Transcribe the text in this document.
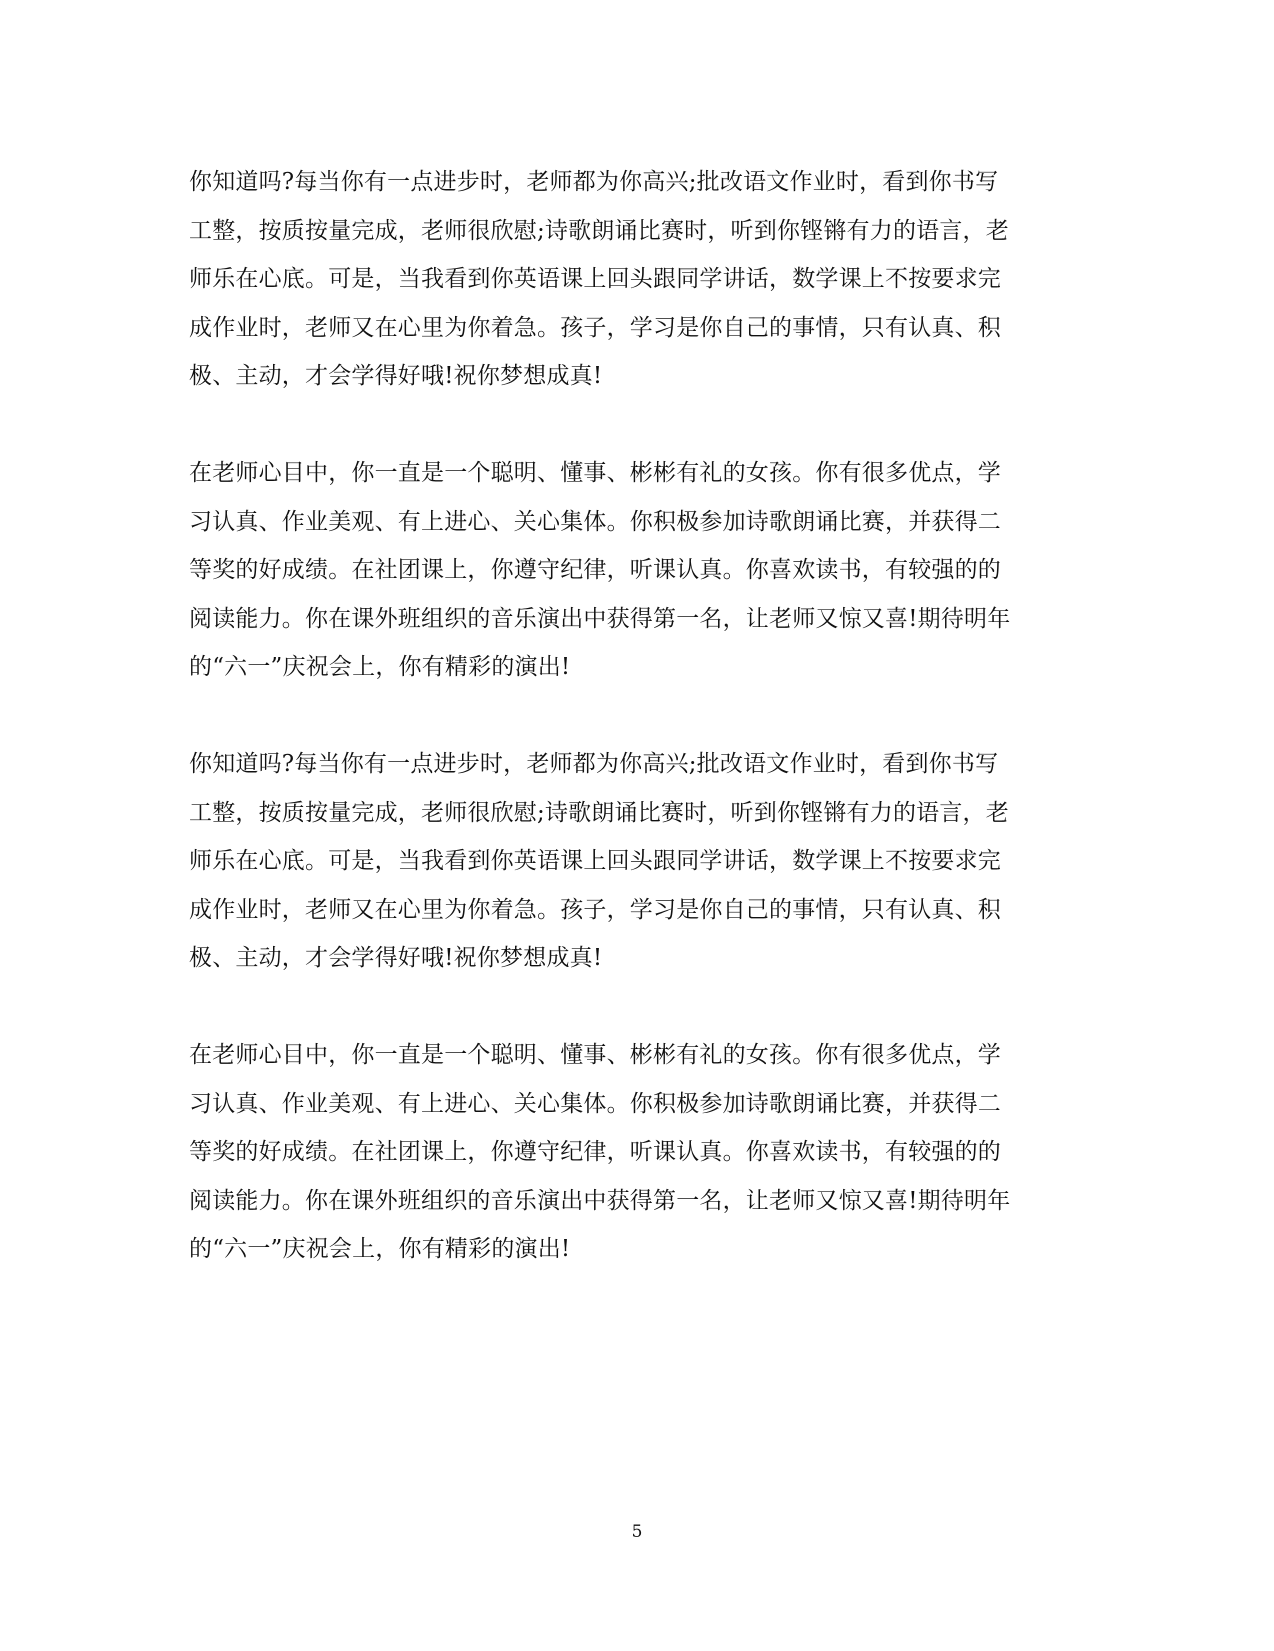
你知道吗?每当你有一点进步时，老师都为你高兴;批改语文作业时，看到你书写
工整，按质按量完成，老师很欣慰;诗歌朗诵比赛时，听到你铿锵有力的语言，老
师乐在心底。可是，当我看到你英语课上回头跟同学讲话，数学课上不按要求完
成作业时，老师又在心里为你着急。孩子，学习是你自己的事情，只有认真、积
极、主动，才会学得好哦!祝你梦想成真!

在老师心目中，你一直是一个聪明、懂事、彬彬有礼的女孩。你有很多优点，学
习认真、作业美观、有上进心、关心集体。你积极参加诗歌朗诵比赛，并获得二
等奖的好成绩。在社团课上，你遵守纪律，听课认真。你喜欢读书，有较强的的
阅读能力。你在课外班组织的音乐演出中获得第一名，让老师又惊又喜!期待明年
的“六一”庆祝会上，你有精彩的演出!

你知道吗?每当你有一点进步时，老师都为你高兴;批改语文作业时，看到你书写
工整，按质按量完成，老师很欣慰;诗歌朗诵比赛时，听到你铿锵有力的语言，老
师乐在心底。可是，当我看到你英语课上回头跟同学讲话，数学课上不按要求完
成作业时，老师又在心里为你着急。孩子，学习是你自己的事情，只有认真、积
极、主动，才会学得好哦!祝你梦想成真!

在老师心目中，你一直是一个聪明、懂事、彬彬有礼的女孩。你有很多优点，学
习认真、作业美观、有上进心、关心集体。你积极参加诗歌朗诵比赛，并获得二
等奖的好成绩。在社团课上，你遵守纪律，听课认真。你喜欢读书，有较强的的
阅读能力。你在课外班组织的音乐演出中获得第一名，让老师又惊又喜!期待明年
的“六一”庆祝会上，你有精彩的演出!

5
